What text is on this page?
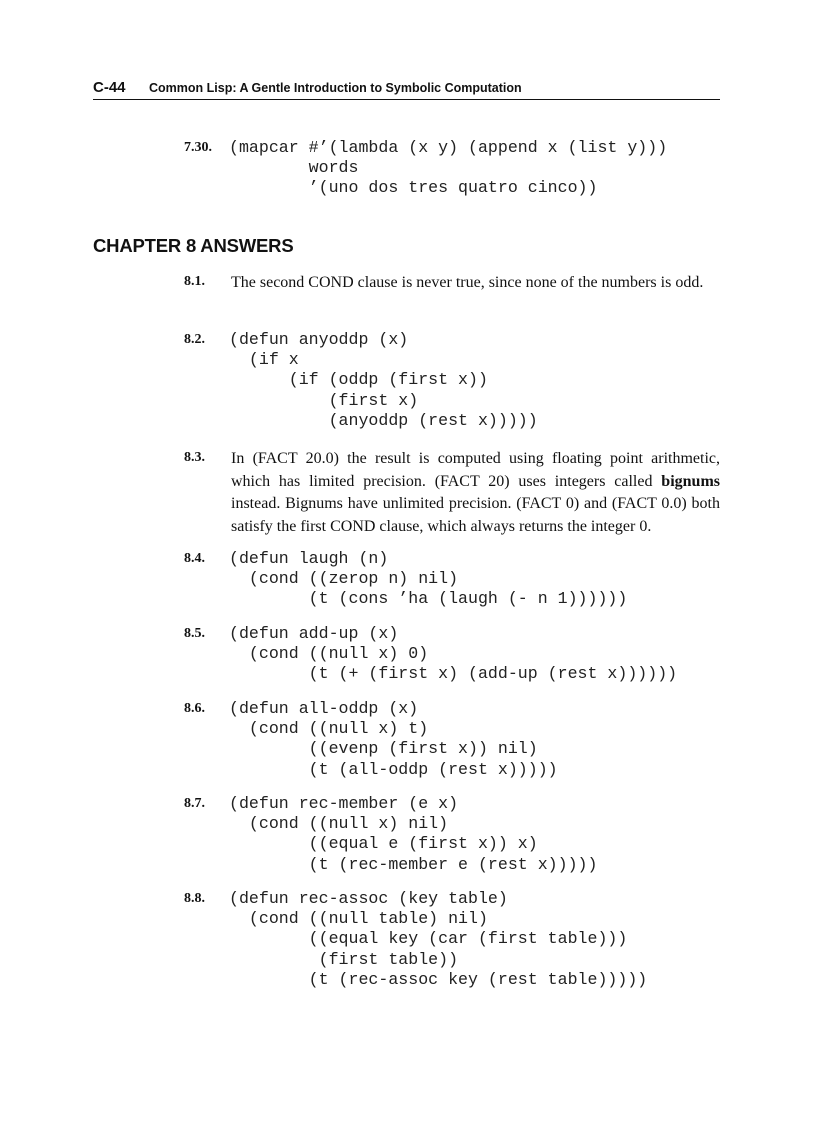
C-44 Common Lisp: A Gentle Introduction to Symbolic Computation
7.30. (mapcar #’(lambda (x y) (append x (list y)))
words
’(uno dos tres quatro cinco))
CHAPTER 8 ANSWERS
8.1. The second COND clause is never true, since none of the numbers is odd.

8.2. (defun anyoddp (x)
(if x
(if (oddp (first x))
(first x)
(anyoddp (rest x)))))
8.3. In (FACT 20.0) the result is computed using floating point arithmetic, which has limited precision. (FACT 20) uses integers called bignums instead. Bignums have unlimited precision. (FACT 0) and (FACT 0.0) both satisfy the first COND clause, which always returns the integer 0.

8.4. (defun laugh (n)
(cond ((zerop n) nil)
(t (cons ’ha (laugh (- n 1))))))
8.5. (defun add-up (x)
(cond ((null x) 0)
(t (+ (first x) (add-up (rest x))))))
8.6. (defun all-oddp (x)
(cond ((null x) t)
((evenp (first x)) nil)
(t (all-oddp (rest x)))))
8.7. (defun rec-member (e x)
(cond ((null x) nil)
((equal e (first x)) x)
(t (rec-member e (rest x)))))
8.8. (defun rec-assoc (key table)
(cond ((null table) nil)
((equal key (car (first table)))
(first table))
(t (rec-assoc key (rest table)))))
